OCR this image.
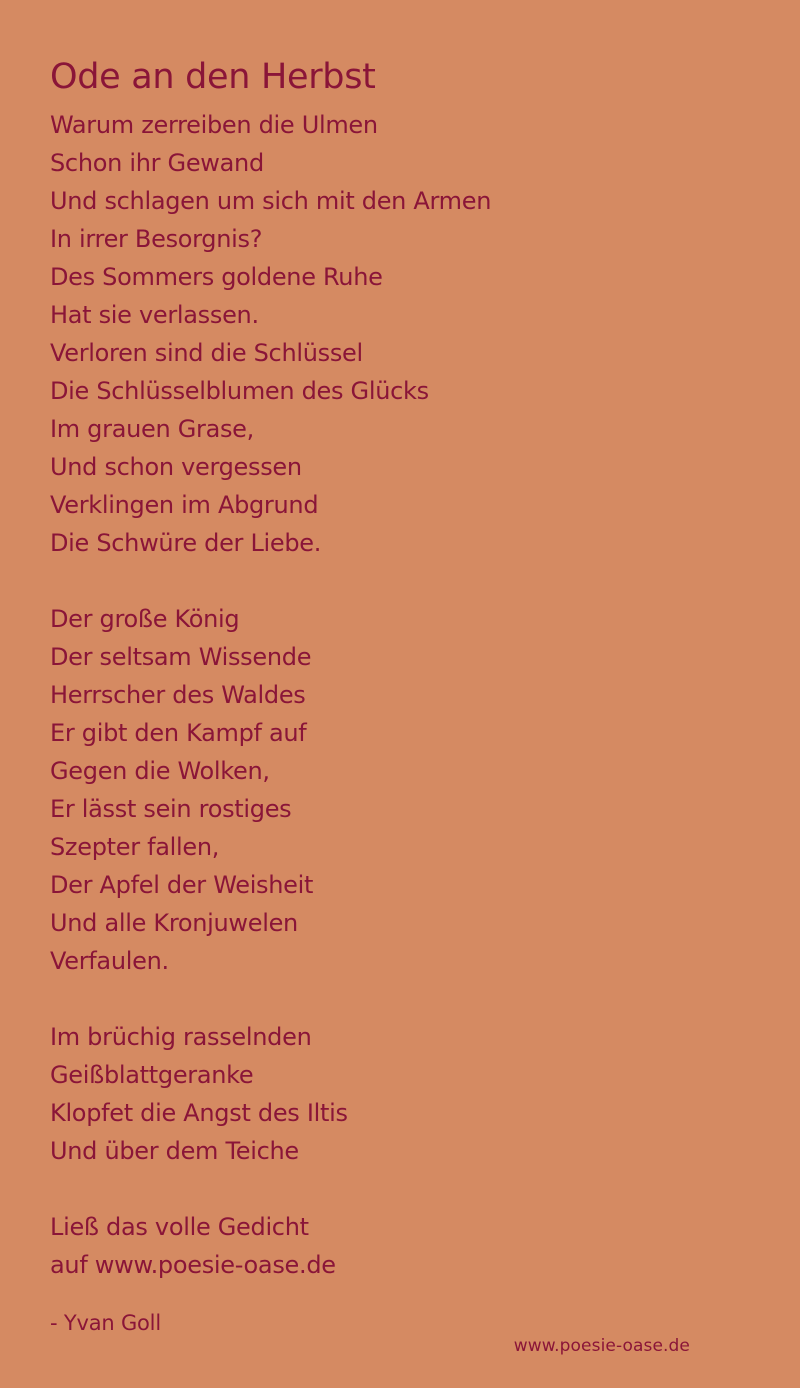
Ode an den Herbst
Warum zerreiben die Ulmen
Schon ihr Gewand
Und schlagen um sich mit den Armen
In irrer Besorgnis?
Des Sommers goldene Ruhe
Hat sie verlassen.
Verloren sind die Schlüssel
Die Schlüsselblumen des Glücks
Im grauen Grase,
Und schon vergessen
Verklingen im Abgrund
Die Schwüre der Liebe.
Der große König
Der seltsam Wissende
Herrscher des Waldes
Er gibt den Kampf auf
Gegen die Wolken,
Er lässt sein rostiges
Szepter fallen,
Der Apfel der Weisheit
Und alle Kronjuwelen
Verfaulen.
Im brüchig rasselnden
Geißblattgeranke
Klopfet die Angst des Iltis
Und über dem Teiche
Ließ das volle Gedicht
auf www.poesie-oase.de
- Yvan Goll
www.poesie-oase.de
